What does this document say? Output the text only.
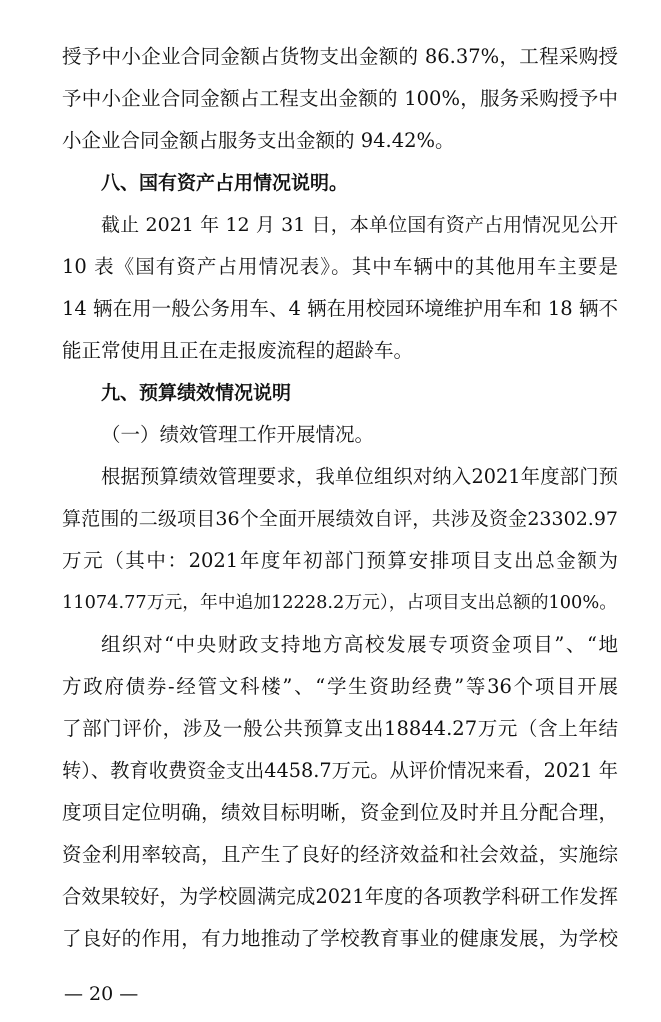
授予中小企业合同金额占货物支出金额的 86.37%，工程采购授
予中小企业合同金额占工程支出金额的 100%，服务采购授予中
小企业合同金额占服务支出金额的 94.42%。
八、国有资产占用情况说明。
截止 2021 年 12 月 31 日，本单位国有资产占用情况见公开
10 表《国有资产占用情况表》。其中车辆中的其他用车主要是
14 辆在用一般公务用车、4 辆在用校园环境维护用车和 18 辆不
能正常使用且正在走报废流程的超龄车。
九、预算绩效情况说明
（一）绩效管理工作开展情况。
根据预算绩效管理要求，我单位组织对纳入2021年度部门预
算范围的二级项目36个全面开展绩效自评，共涉及资金23302.97
万元（其中：2021年度年初部门预算安排项目支出总金额为
11074.77万元，年中追加12228.2万元），占项目支出总额的100%。
组织对“中央财政支持地方高校发展专项资金项目”、“地
方政府债券-经管文科楼”、“学生资助经费”等36个项目开展
了部门评价，涉及一般公共预算支出18844.27万元（含上年结
转）、教育收费资金支出4458.7万元。从评价情况来看，2021 年
度项目定位明确，绩效目标明晰，资金到位及时并且分配合理，
资金利用率较高，且产生了良好的经济效益和社会效益，实施综
合效果较好，为学校圆满完成2021年度的各项教学科研工作发挥
了良好的作用，有力地推动了学校教育事业的健康发展，为学校
— 20 —
